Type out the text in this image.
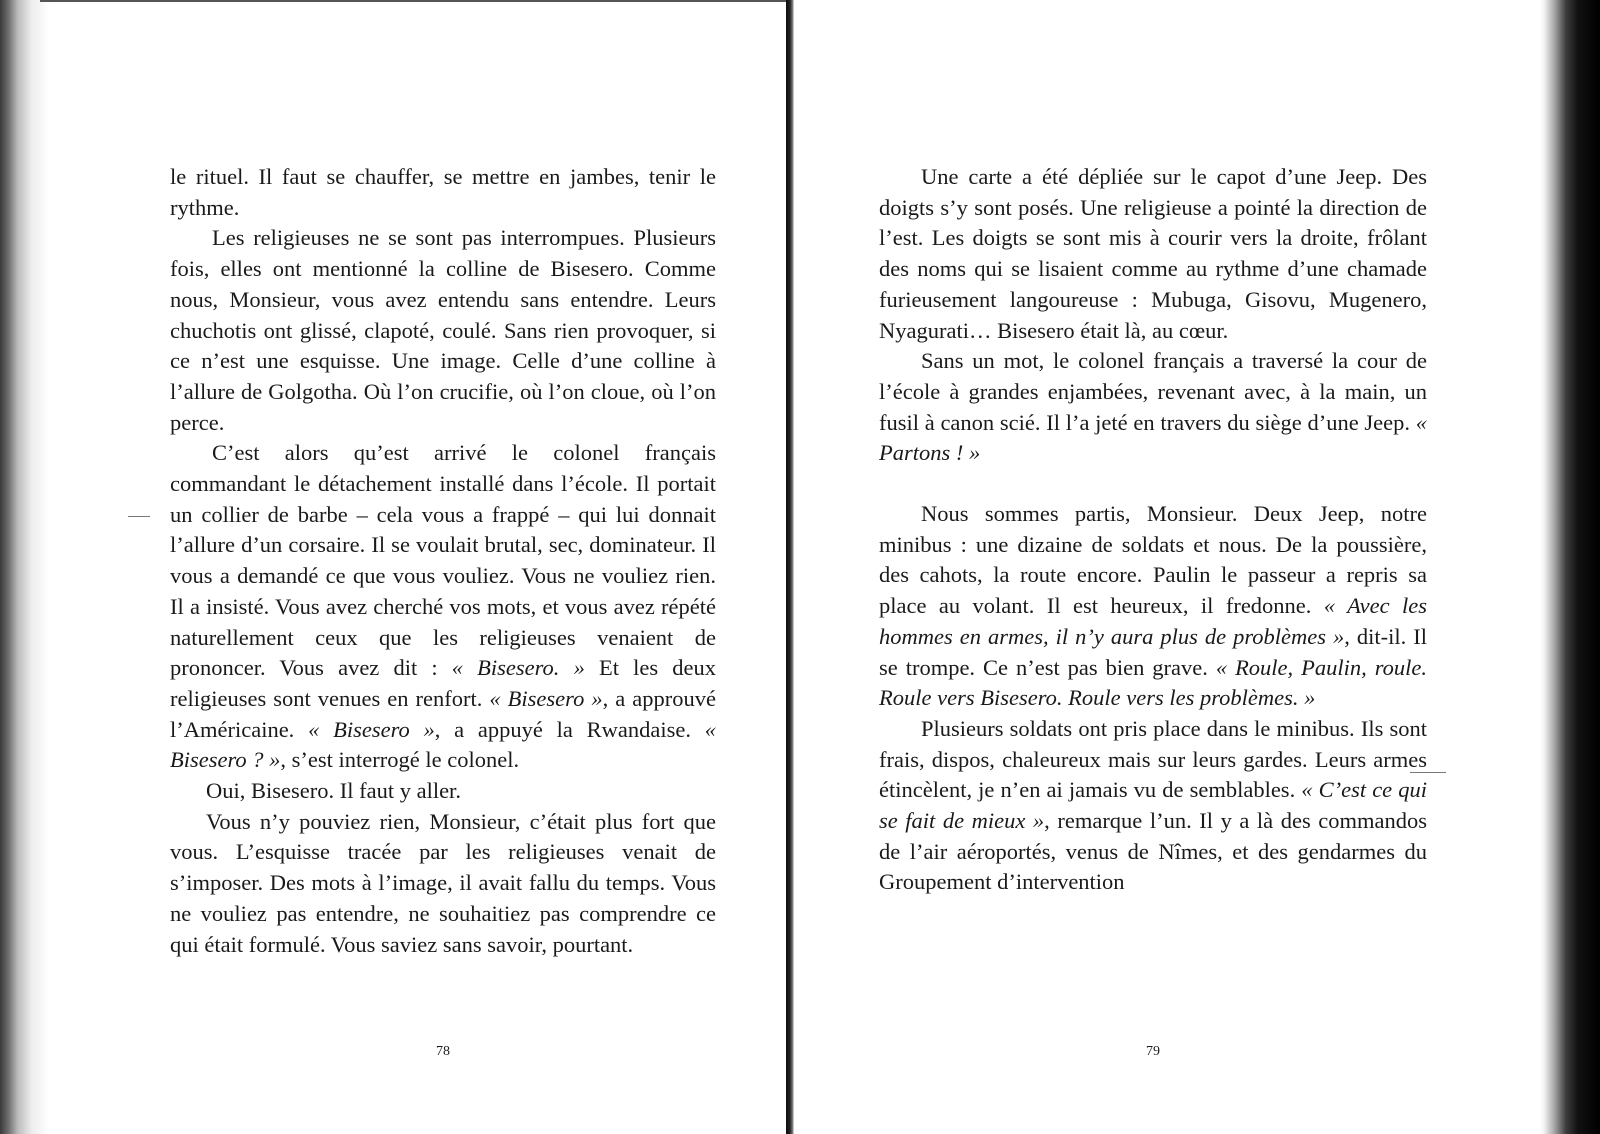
le rituel. Il faut se chauffer, se mettre en jambes, tenir le rythme.

Les religieuses ne se sont pas interrompues. Plusieurs fois, elles ont mentionné la colline de Bisesero. Comme nous, Monsieur, vous avez entendu sans entendre. Leurs chuchotis ont glissé, clapoté, coulé. Sans rien provoquer, si ce n’est une esquisse. Une image. Celle d’une colline à l’allure de Golgotha. Où l’on crucifie, où l’on cloue, où l’on perce.

C’est alors qu’est arrivé le colonel français commandant le détachement installé dans l’école. Il portait un collier de barbe – cela vous a frappé – qui lui donnait l’allure d’un corsaire. Il se voulait brutal, sec, dominateur. Il vous a demandé ce que vous vouliez. Vous ne vouliez rien. Il a insisté. Vous avez cherché vos mots, et vous avez répété naturellement ceux que les religieuses venaient de prononcer. Vous avez dit : « Bisesero. » Et les deux religieuses sont venues en renfort. « Bisesero », a approuvé l’Américaine. « Bisesero », a appuyé la Rwandaise. « Bisesero ? », s’est interrogé le colonel.

Oui, Bisesero. Il faut y aller.

Vous n’y pouviez rien, Monsieur, c’était plus fort que vous. L’esquisse tracée par les religieuses venait de s’imposer. Des mots à l’image, il avait fallu du temps. Vous ne vouliez pas entendre, ne souhaitiez pas comprendre ce qui était formulé. Vous saviez sans savoir, pourtant.

78

Une carte a été dépliée sur le capot d’une Jeep. Des doigts s’y sont posés. Une religieuse a pointé la direction de l’est. Les doigts se sont mis à courir vers la droite, frôlant des noms qui se lisaient comme au rythme d’une chamade furieusement langoureuse : Mubuga, Gisovu, Mugenero, Nyagurati… Bisesero était là, au cœur.

Sans un mot, le colonel français a traversé la cour de l’école à grandes enjambées, revenant avec, à la main, un fusil à canon scié. Il l’a jeté en travers du siège d’une Jeep. « Partons ! »

Nous sommes partis, Monsieur. Deux Jeep, notre minibus : une dizaine de soldats et nous. De la poussière, des cahots, la route encore. Paulin le passeur a repris sa place au volant. Il est heureux, il fredonne. « Avec les hommes en armes, il n’y aura plus de problèmes », dit-il. Il se trompe. Ce n’est pas bien grave. « Roule, Paulin, roule. Roule vers Bisesero. Roule vers les problèmes. »

Plusieurs soldats ont pris place dans le minibus. Ils sont frais, dispos, chaleureux mais sur leurs gardes. Leurs armes étincèlent, je n’en ai jamais vu de semblables. « C’est ce qui se fait de mieux », remarque l’un. Il y a là des commandos de l’air aéroportés, venus de Nîmes, et des gendarmes du Groupement d’intervention

79
